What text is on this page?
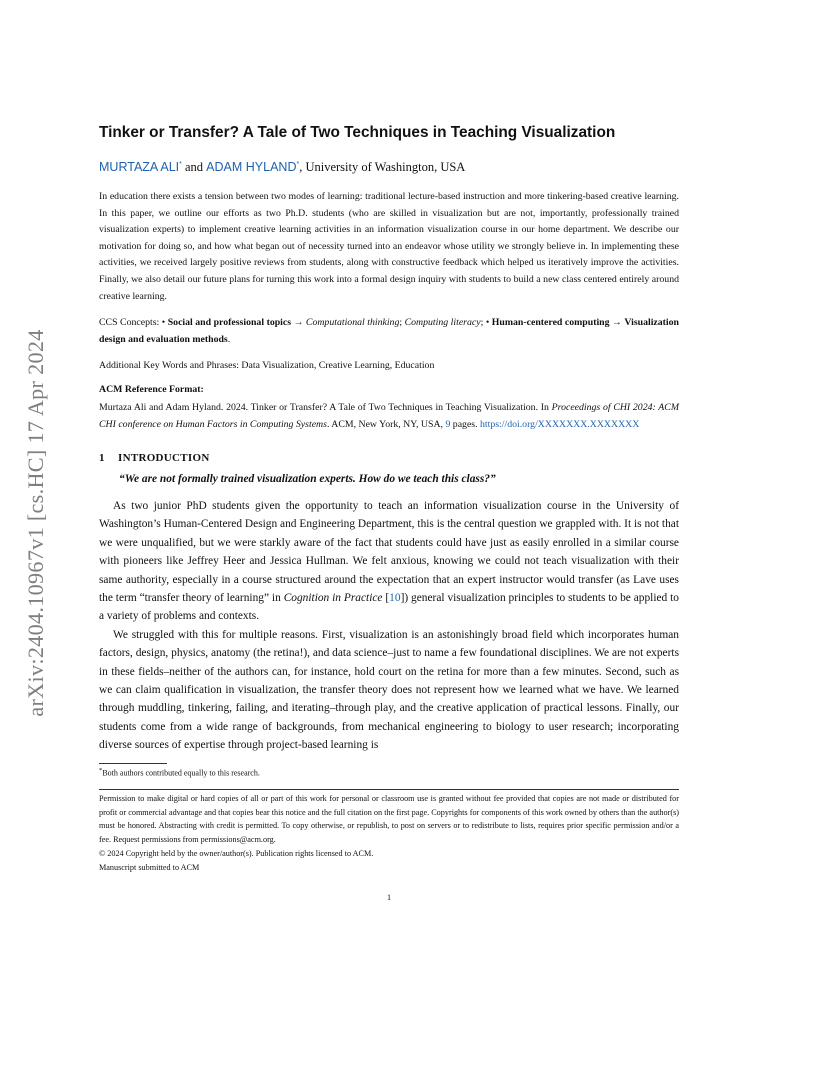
arXiv:2404.10967v1 [cs.HC] 17 Apr 2024
Tinker or Transfer? A Tale of Two Techniques in Teaching Visualization
MURTAZA ALI* and ADAM HYLAND*, University of Washington, USA
In education there exists a tension between two modes of learning: traditional lecture-based instruction and more tinkering-based creative learning. In this paper, we outline our efforts as two Ph.D. students (who are skilled in visualization but are not, importantly, professionally trained visualization experts) to implement creative learning activities in an information visualization course in our home department. We describe our motivation for doing so, and how what began out of necessity turned into an endeavor whose utility we strongly believe in. In implementing these activities, we received largely positive reviews from students, along with constructive feedback which helped us iteratively improve the activities. Finally, we also detail our future plans for turning this work into a formal design inquiry with students to build a new class centered entirely around creative learning.
CCS Concepts: • Social and professional topics → Computational thinking; Computing literacy; • Human-centered computing → Visualization design and evaluation methods.
Additional Key Words and Phrases: Data Visualization, Creative Learning, Education
ACM Reference Format:
Murtaza Ali and Adam Hyland. 2024. Tinker or Transfer? A Tale of Two Techniques in Teaching Visualization. In Proceedings of CHI 2024: ACM CHI conference on Human Factors in Computing Systems. ACM, New York, NY, USA, 9 pages. https://doi.org/XXXXXXX.XXXXXXX
1 INTRODUCTION
“We are not formally trained visualization experts. How do we teach this class?”

As two junior PhD students given the opportunity to teach an information visualization course in the University of Washington’s Human-Centered Design and Engineering Department, this is the central question we grappled with. It is not that we were unqualified, but we were starkly aware of the fact that students could have just as easily enrolled in a similar course with pioneers like Jeffrey Heer and Jessica Hullman. We felt anxious, knowing we could not teach visualization with their same authority, especially in a course structured around the expectation that an expert instructor would transfer (as Lave uses the term “transfer theory of learning” in Cognition in Practice [10]) general visualization principles to students to be applied to a variety of problems and contexts.

We struggled with this for multiple reasons. First, visualization is an astonishingly broad field which incorporates human factors, design, physics, anatomy (the retina!), and data science–just to name a few foundational disciplines. We are not experts in these fields–neither of the authors can, for instance, hold court on the retina for more than a few minutes. Second, such as we can claim qualification in visualization, the transfer theory does not represent how we learned what we have. We learned through muddling, tinkering, failing, and iterating–through play, and the creative application of practical lessons. Finally, our students come from a wide range of backgrounds, from mechanical engineering to biology to user research; incorporating diverse sources of expertise through project-based learning is

*Both authors contributed equally to this research.
Permission to make digital or hard copies of all or part of this work for personal or classroom use is granted without fee provided that copies are not made or distributed for profit or commercial advantage and that copies bear this notice and the full citation on the first page. Copyrights for components of this work owned by others than the author(s) must be honored. Abstracting with credit is permitted. To copy otherwise, or republish, to post on servers or to redistribute to lists, requires prior specific permission and/or a fee. Request permissions from permissions@acm.org.
© 2024 Copyright held by the owner/author(s). Publication rights licensed to ACM.
Manuscript submitted to ACM
1
